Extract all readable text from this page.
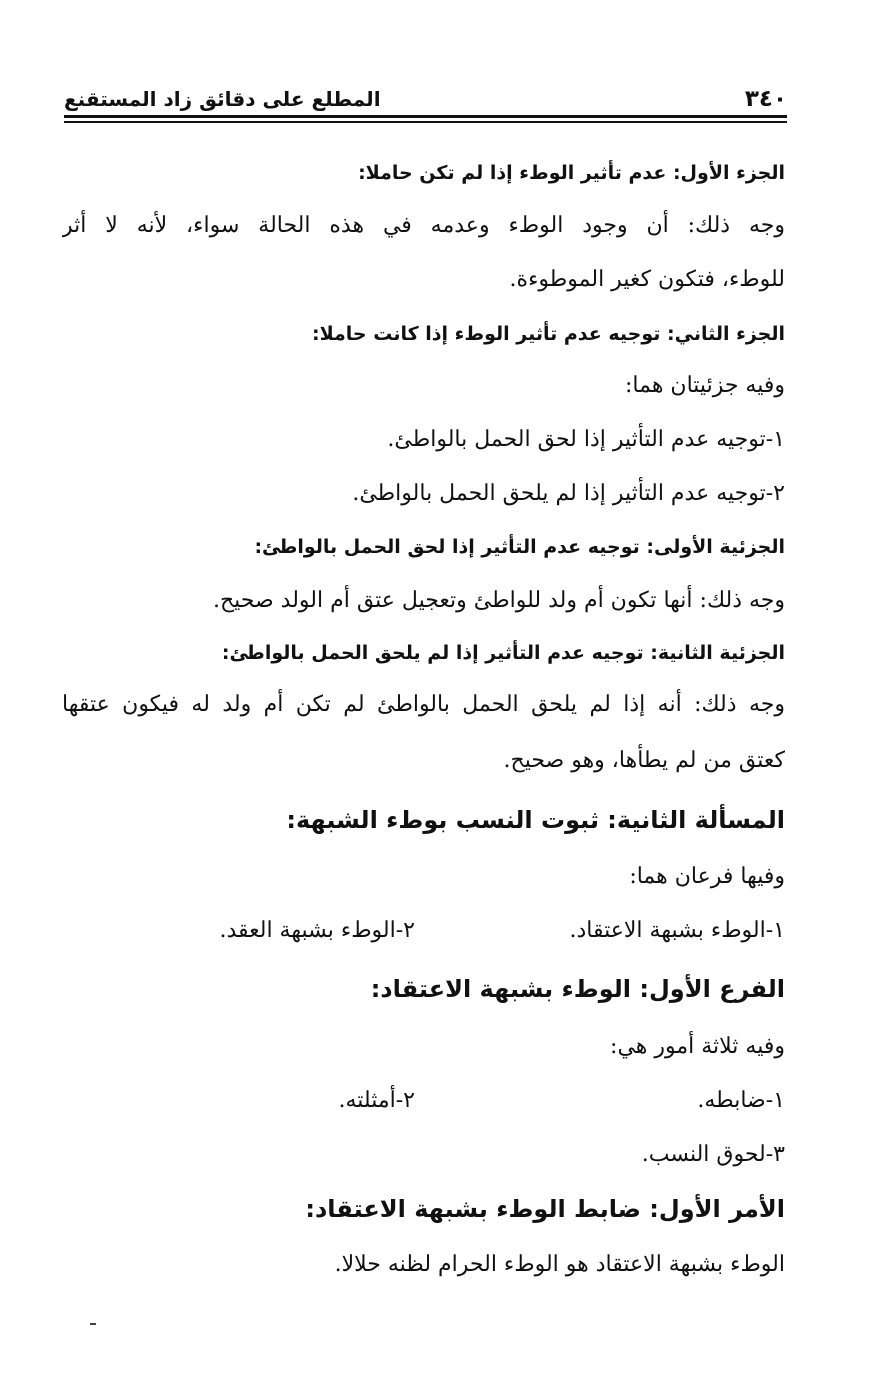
٣٤٠
المطلع على دقائق زاد المستقنع
الجزء الأول: عدم تأثير الوطء إذا لم تكن حاملا:
وجه ذلك: أن وجود الوطء وعدمه في هذه الحالة سواء، لأنه لا أثر
للوطء، فتكون كغير الموطوءة.
الجزء الثاني: توجيه عدم تأثير الوطء إذا كانت حاملا:
وفيه جزئيتان هما:
١-توجيه عدم التأثير إذا لحق الحمل بالواطئ.
٢-توجيه عدم التأثير إذا لم يلحق الحمل بالواطئ.
الجزئية الأولى: توجيه عدم التأثير إذا لحق الحمل بالواطئ:
وجه ذلك: أنها تكون أم ولد للواطئ وتعجيل عتق أم الولد صحيح.
الجزئية الثانية: توجيه عدم التأثير إذا لم يلحق الحمل بالواطئ:
وجه ذلك: أنه إذا لم يلحق الحمل بالواطئ لم تكن أم ولد له فيكون عتقها
كعتق من لم يطأها، وهو صحيح.
المسألة الثانية: ثبوت النسب بوطء الشبهة:
وفيها فرعان هما:
١-الوطء بشبهة الاعتقاد.
٢-الوطء بشبهة العقد.
الفرع الأول: الوطء بشبهة الاعتقاد:
وفيه ثلاثة أمور هي:
١-ضابطه.
٢-أمثلته.
٣-لحوق النسب.
الأمر الأول: ضابط الوطء بشبهة الاعتقاد:
الوطء بشبهة الاعتقاد هو الوطء الحرام لظنه حلالا.
